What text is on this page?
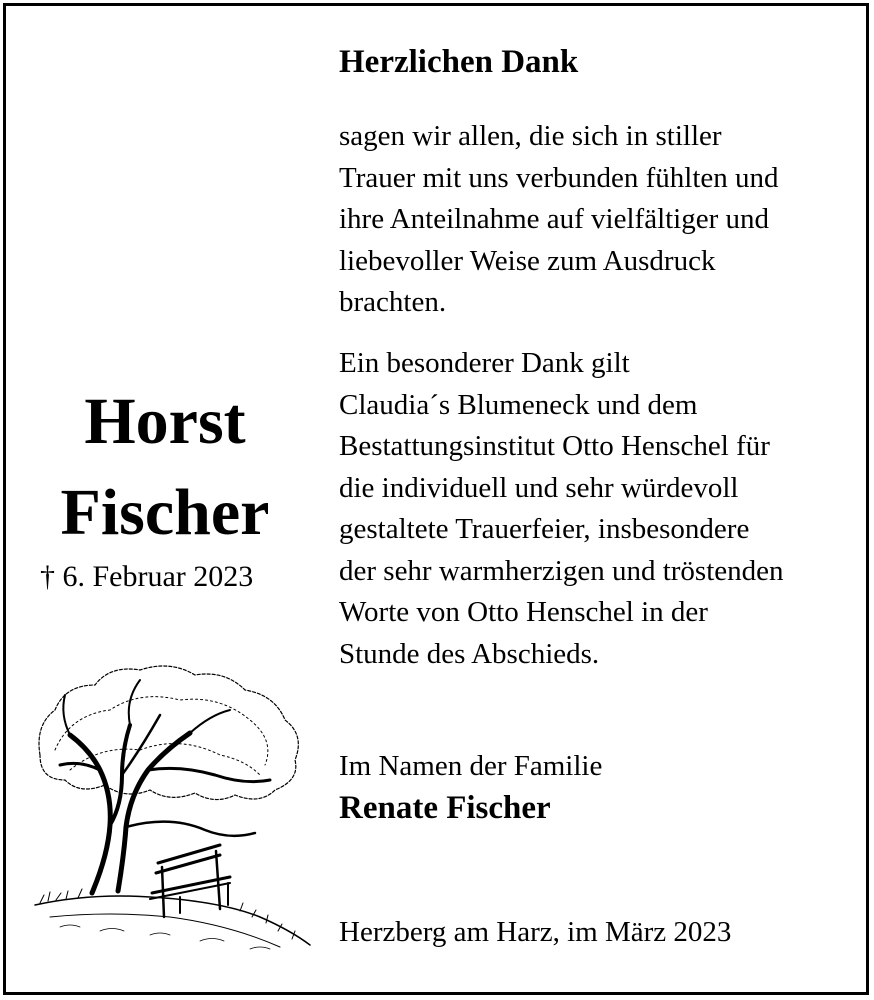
Herzlichen Dank
sagen wir allen, die sich in stiller
Trauer mit uns verbunden fühlten und
ihre Anteilnahme auf vielfältiger und
liebevoller Weise zum Ausdruck
brachten.
Ein besonderer Dank gilt
Claudia´s Blumeneck und dem
Bestattungsinstitut Otto Henschel für
die individuell und sehr würdevoll
gestaltete Trauerfeier, insbesondere
der sehr warmherzigen und tröstenden
Worte von Otto Henschel in der
Stunde des Abschieds.
Horst
Fischer
† 6. Februar 2023
Im Namen der Familie
Renate Fischer
Herzberg am Harz, im März 2023
